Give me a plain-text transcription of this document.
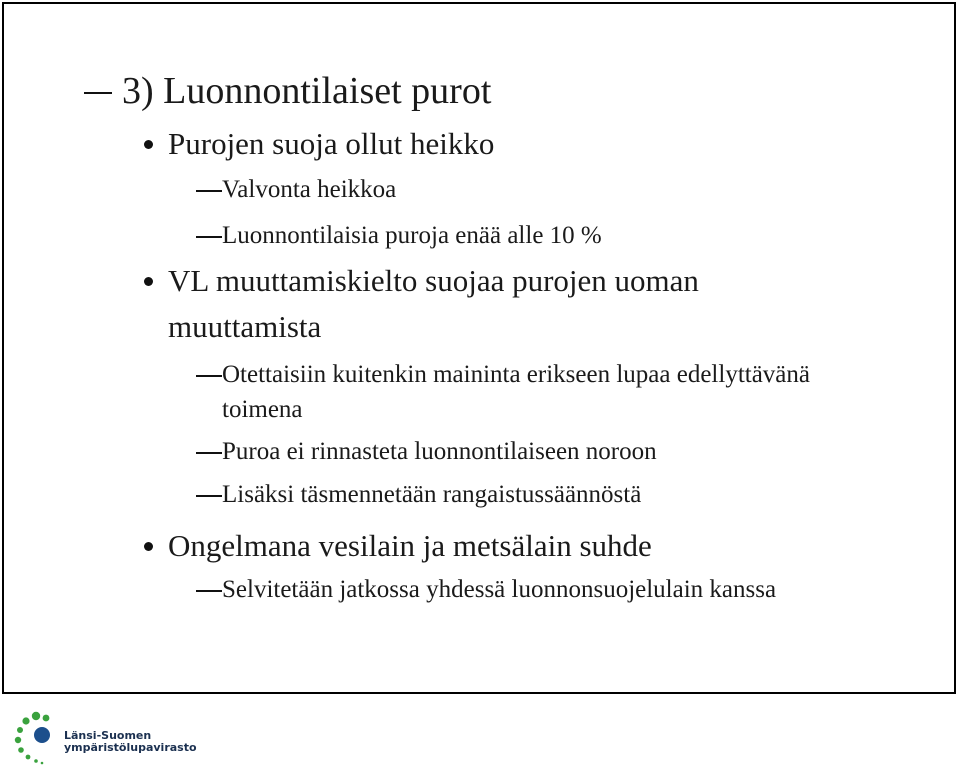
3) Luonnontilaiset purot
Purojen suoja ollut heikko
Valvonta heikkoa
Luonnontilaisia puroja enää alle 10 %
VL muuttamiskielto suojaa purojen uoman
muuttamista
Otettaisiin kuitenkin maininta erikseen lupaa edellyttävänä
toimena
Puroa ei rinnasteta luonnontilaiseen noroon
Lisäksi täsmennetään rangaistussäännöstä
Ongelmana vesilain ja metsälain suhde
Selvitetään jatkossa yhdessä luonnonsuojelulain kanssa
Länsi-Suomen
ympäristölupavirasto
